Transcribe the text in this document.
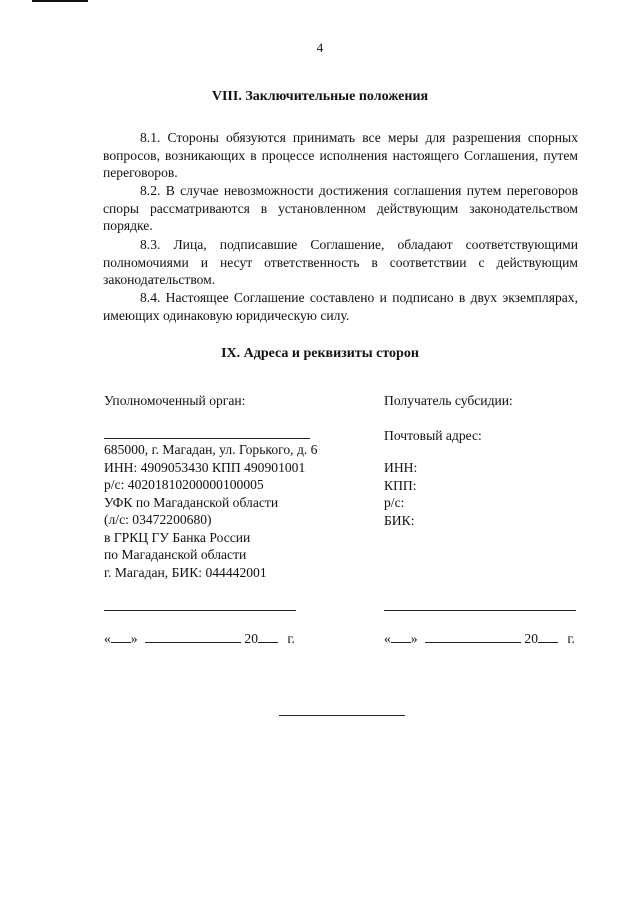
4
VIII. Заключительные положения

8.1. Стороны обязуются принимать все меры для разрешения спорных вопросов, возникающих в процессе исполнения настоящего Соглашения, путем переговоров.

8.2. В случае невозможности достижения соглашения путем переговоров споры рассматриваются в установленном действующим законодательством порядке.

8.3. Лица, подписавшие Соглашение, обладают соответствующими полномочиями и несут ответственность в соответствии с действующим законодательством.

8.4. Настоящее Соглашение составлено и подписано в двух экземплярах, имеющих одинаковую юридическую силу.

IX. Адреса и реквизиты сторон
Уполномоченный орган:
685000, г. Магадан, ул. Горького, д. 6
ИНН: 4909053430 КПП 490901001
р/с: 40201810200000100005
УФК по Магаданской области
(л/с: 03472200680)
в ГРКЦ ГУ Банка России
по Магаданской области
г. Магадан, БИК: 044442001
« »	20 г.
Получатель субсидии:
Почтовый адрес:
ИНН:
КПП:
р/с:
БИК:
« »	20 г.
